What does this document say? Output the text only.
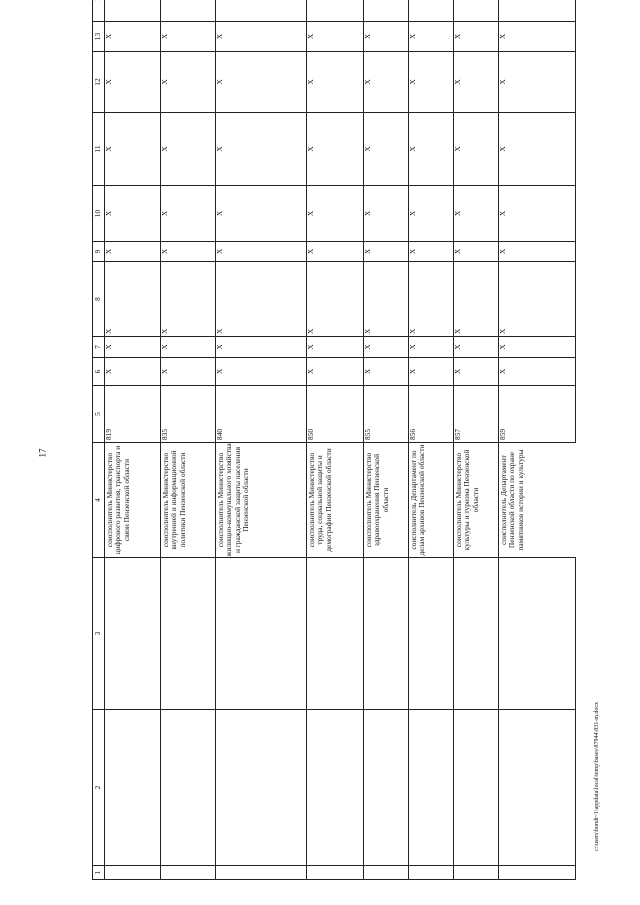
17
1	2	3	4	5	6	7	8	9	10	11	12	13		
			соисполнитель Министерство цифрового развития, транспорта и связи Пензенской области	819	X	X	X	X	X	X	X	X		
			соисполнитель Министерство внутренней и информационной политики Пензенской области	835	X	X	X	X	X	X	X	X		
			соисполнитель Министерство жилищно-коммунального хозяйства и гражданской защиты населения Пензенской области	840	X	X	X	X	X	X	X	X		
			соисполнитель Министерство труда, социальной защиты и демографии Пензенской области	850	X	X	X	X	X	X	X	X		
			соисполнитель Министерство здравоохранения Пензенской области	855	X	X	X	X	X	X	X	X		
			соисполнитель Департамент по делам архивов Пензенской области	856	X	X	X	X	X	X	X	X		
			соисполнитель Министерство культуры и туризма Пензенской области	857	X	X	X	X	X	X	X	X		
			соисполнитель Департамент Пензенской области по охране памятников истории и культуры	859	X	X	X	X	X	X	X	X		
c:\users\bondt~1\appdata\local\temp\bases\87944\831-m.docx
